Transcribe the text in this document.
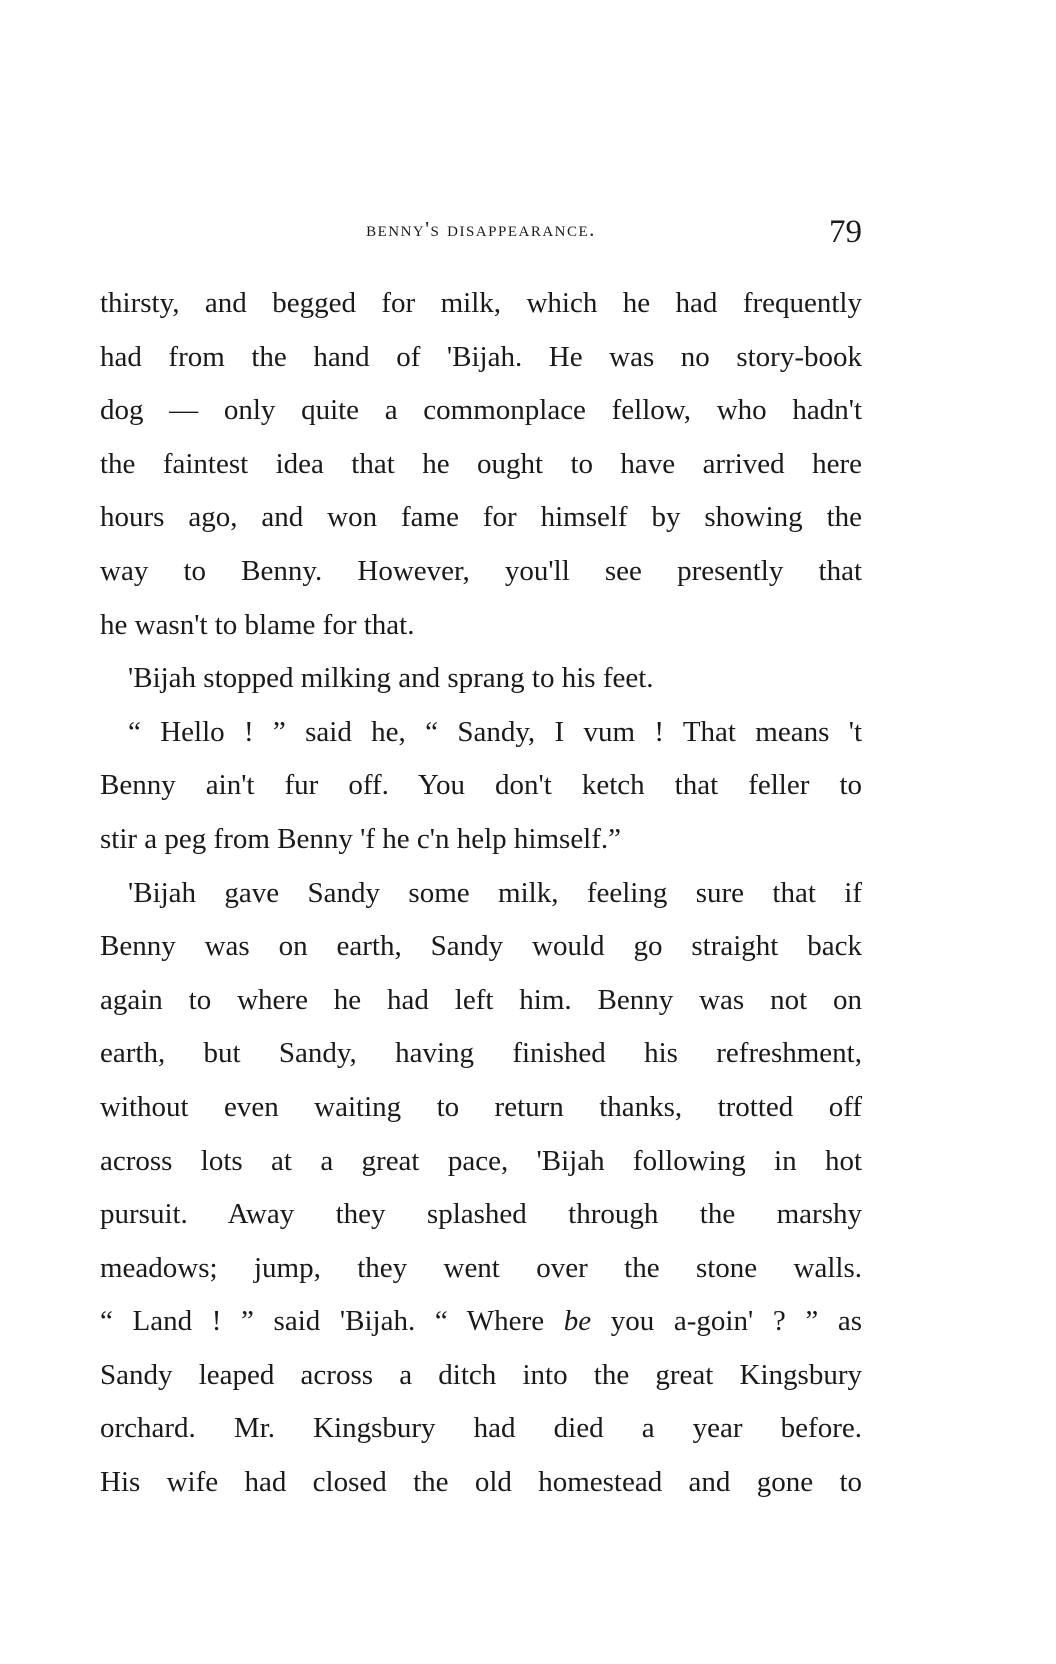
benny's disappearance.	79
thirsty, and begged for milk, which he had frequently
had from the hand of 'Bijah. He was no story-book
dog — only quite a commonplace fellow, who hadn't
the faintest idea that he ought to have arrived here
hours ago, and won fame for himself by showing the
way to Benny. However, you'll see presently that
he wasn't to blame for that.
'Bijah stopped milking and sprang to his feet.
“ Hello ! ” said he, “ Sandy, I vum ! That means 't
Benny ain't fur off. You don't ketch that feller to
stir a peg from Benny 'f he c'n help himself.”
'Bijah gave Sandy some milk, feeling sure that if
Benny was on earth, Sandy would go straight back
again to where he had left him. Benny was not on
earth, but Sandy, having finished his refreshment,
without even waiting to return thanks, trotted off
across lots at a great pace, 'Bijah following in hot
pursuit. Away they splashed through the marshy
meadows; jump, they went over the stone walls.
“ Land ! ” said 'Bijah. “ Where be you a-goin' ? ” as
Sandy leaped across a ditch into the great Kingsbury
orchard. Mr. Kingsbury had died a year before.
His wife had closed the old homestead and gone to
